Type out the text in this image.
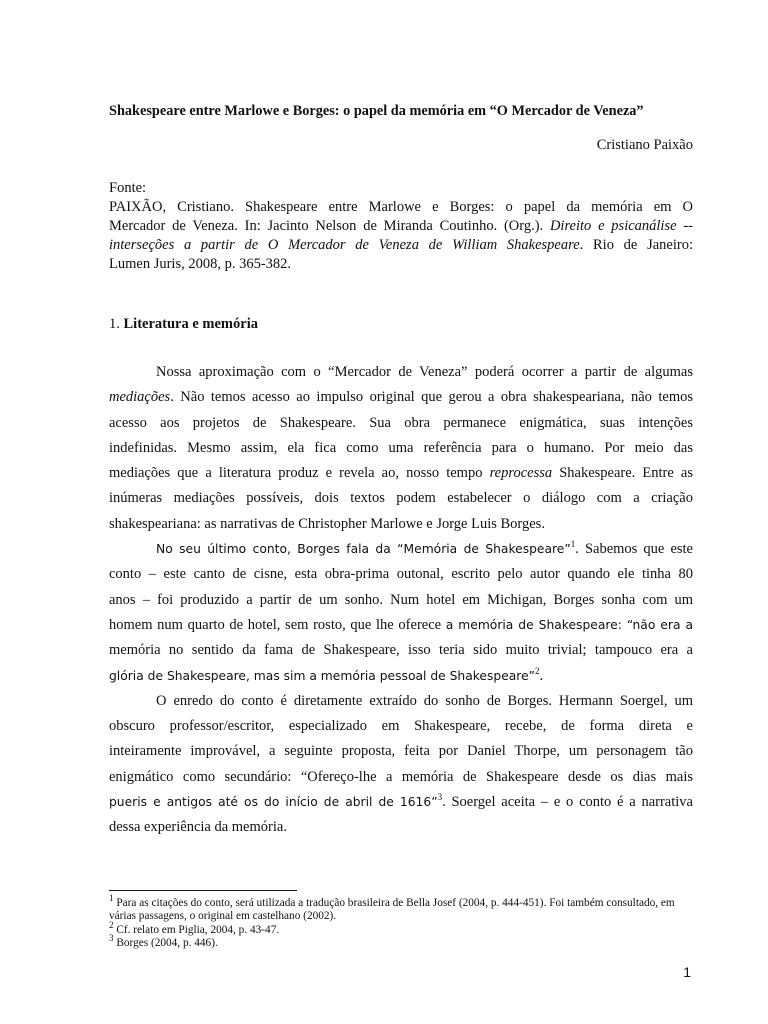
Shakespeare entre Marlowe e Borges: o papel da memória em “O Mercador de Veneza”
Cristiano Paixão
Fonte:
PAIXÃO, Cristiano. Shakespeare entre Marlowe e Borges: o papel da memória em O
Mercador de Veneza. In: Jacinto Nelson de Miranda Coutinho. (Org.). Direito e psicanálise --
interseções a partir de O Mercador de Veneza de William Shakespeare. Rio de Janeiro:
Lumen Juris, 2008, p. 365-382.
1. Literatura e memória
Nossa aproximação com o “Mercador de Veneza” poderá ocorrer a partir de algumas
mediações. Não temos acesso ao impulso original que gerou a obra shakespeariana, não temos
acesso aos projetos de Shakespeare. Sua obra permanece enigmática, suas intenções
indefinidas. Mesmo assim, ela fica como uma referência para o humano. Por meio das
mediações que a literatura produz e revela ao, nosso tempo reprocessa Shakespeare. Entre as
inúmeras mediações possíveis, dois textos podem estabelecer o diálogo com a criação
shakespeariana: as narrativas de Christopher Marlowe e Jorge Luis Borges.
No seu último conto, Borges fala da “Memória de Shakespeare”$^1$. Sabemos que este
conto – este canto de cisne, esta obra-prima outonal, escrito pelo autor quando ele tinha 80
anos – foi produzido a partir de um sonho. Num hotel em Michigan, Borges sonha com um
homem num quarto de hotel, sem rosto, que lhe oferece a memória de Shakespeare: “não era a
memória no sentido da fama de Shakespeare, isso teria sido muito trivial; tampouco era a
glória de Shakespeare, mas sim a memória pessoal de Shakespeare”$^2$.
O enredo do conto é diretamente extraído do sonho de Borges. Hermann Soergel, um
obscuro professor/escritor, especializado em Shakespeare, recebe, de forma direta e
inteiramente improvável, a seguinte proposta, feita por Daniel Thorpe, um personagem tão
enigmático como secundário: “Ofereço-lhe a memória de Shakespeare desde os dias mais
pueris e antigos até os do início de abril de 1616”$^3$. Soergel aceita – e o conto é a narrativa
dessa experiência da memória.
$^1$ Para as citações do conto, será utilizada a tradução brasileira de Bella Josef (2004, p. 444-451). Foi também consultado, em várias passagens, o original em castelhano (2002).
$^2$ Cf. relato em Piglia, 2004, p. 43-47.
$^3$ Borges (2004, p. 446).
1
